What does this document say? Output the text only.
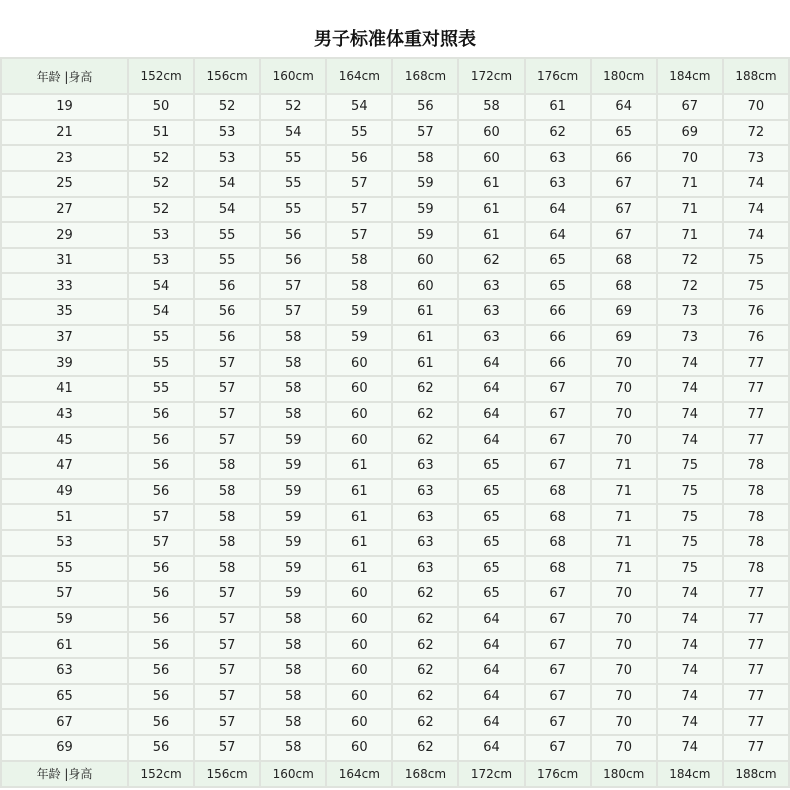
男子标准体重对照表
年龄 |身高	152cm	156cm	160cm	164cm	168cm	172cm	176cm	180cm	184cm	188cm
19	50	52	52	54	56	58	61	64	67	70
21	51	53	54	55	57	60	62	65	69	72
23	52	53	55	56	58	60	63	66	70	73
25	52	54	55	57	59	61	63	67	71	74
27	52	54	55	57	59	61	64	67	71	74
29	53	55	56	57	59	61	64	67	71	74
31	53	55	56	58	60	62	65	68	72	75
33	54	56	57	58	60	63	65	68	72	75
35	54	56	57	59	61	63	66	69	73	76
37	55	56	58	59	61	63	66	69	73	76
39	55	57	58	60	61	64	66	70	74	77
41	55	57	58	60	62	64	67	70	74	77
43	56	57	58	60	62	64	67	70	74	77
45	56	57	59	60	62	64	67	70	74	77
47	56	58	59	61	63	65	67	71	75	78
49	56	58	59	61	63	65	68	71	75	78
51	57	58	59	61	63	65	68	71	75	78
53	57	58	59	61	63	65	68	71	75	78
55	56	58	59	61	63	65	68	71	75	78
57	56	57	59	60	62	65	67	70	74	77
59	56	57	58	60	62	64	67	70	74	77
61	56	57	58	60	62	64	67	70	74	77
63	56	57	58	60	62	64	67	70	74	77
65	56	57	58	60	62	64	67	70	74	77
67	56	57	58	60	62	64	67	70	74	77
69	56	57	58	60	62	64	67	70	74	77
年龄 |身高	152cm	156cm	160cm	164cm	168cm	172cm	176cm	180cm	184cm	188cm
